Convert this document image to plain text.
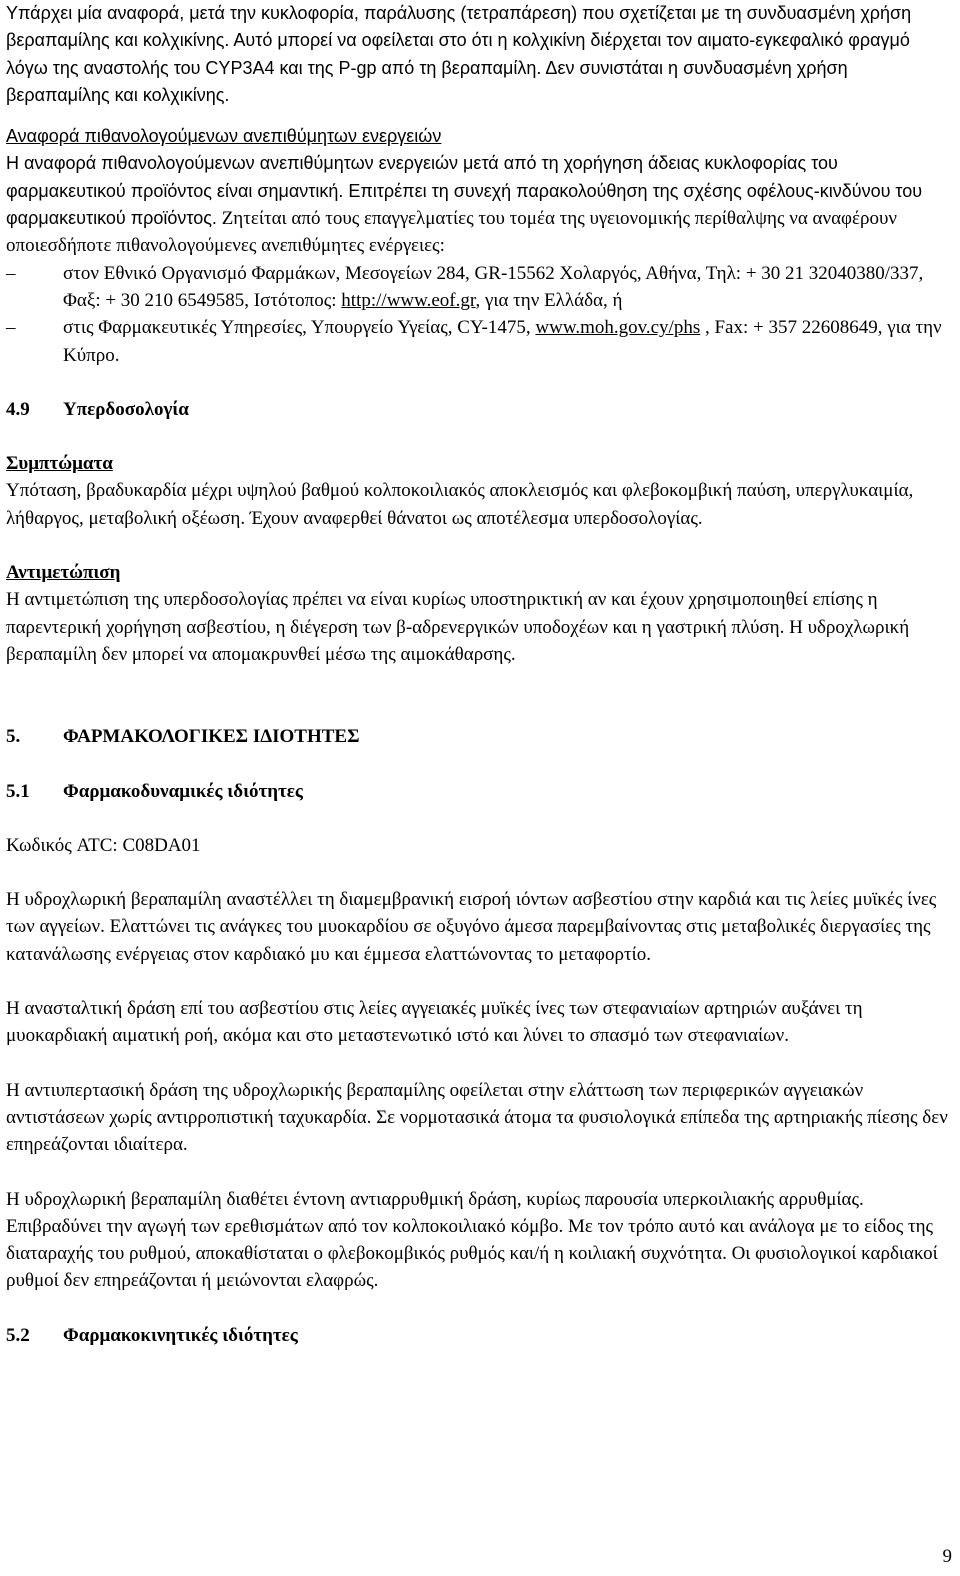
Υπάρχει μία αναφορά, μετά την κυκλοφορία, παράλυσης (τετραπάρεση) που σχετίζεται με τη συνδυασμένη χρήση βεραπαμίλης και κολχικίνης. Αυτό μπορεί να οφείλεται στο ότι η κολχικίνη διέρχεται τον αιματο-εγκεφαλικό φραγμό λόγω της αναστολής του CYP3A4 και της P-gp από τη βεραπαμίλη. Δεν συνιστάται η συνδυασμένη χρήση βεραπαμίλης και κολχικίνης.

Αναφορά πιθανολογούμενων ανεπιθύμητων ενεργειών

Η αναφορά πιθανολογούμενων ανεπιθύμητων ενεργειών μετά από τη χορήγηση άδειας κυκλοφορίας του φαρμακευτικού προϊόντος είναι σημαντική. Επιτρέπει τη συνεχή παρακολούθηση της σχέσης οφέλους-κινδύνου του φαρμακευτικού προϊόντος. Ζητείται από τους επαγγελματίες του τομέα της υγειονομικής περίθαλψης να αναφέρουν οποιεσδήποτε πιθανολογούμενες ανεπιθύμητες ενέργειες:

–	στον Εθνικό Οργανισμό Φαρμάκων, Μεσογείων 284, GR-15562 Χολαργός, Αθήνα, Τηλ: + 30 21 32040380/337, Φαξ: + 30 210 6549585, Ιστότοπος: http://www.eof.gr, για την Ελλάδα, ή
–	στις Φαρμακευτικές Υπηρεσίες, Υπουργείο Υγείας, CY-1475, www.moh.gov.cy/phs , Fax: + 357 22608649, για την Κύπρο.
4.9	Υπερδοσολογία

Συμπτώματα

Υπόταση, βραδυκαρδία μέχρι υψηλού βαθμού κολποκοιλιακός αποκλεισμός και φλεβοκομβική παύση, υπεργλυκαιμία, λήθαργος, μεταβολική οξέωση. Έχουν αναφερθεί θάνατοι ως αποτέλεσμα υπερδοσολογίας.

Αντιμετώπιση

Η αντιμετώπιση της υπερδοσολογίας πρέπει να είναι κυρίως υποστηρικτική αν και έχουν χρησιμοποιηθεί επίσης η παρεντερική χορήγηση ασβεστίου, η διέγερση των β-αδρενεργικών υποδοχέων και η γαστρική πλύση. Η υδροχλωρική βεραπαμίλη δεν μπορεί να απομακρυνθεί μέσω της αιμοκάθαρσης.

5.	ΦΑΡΜΑΚΟΛΟΓΙΚΕΣ ΙΔΙΟΤΗΤΕΣ
5.1	Φαρμακοδυναμικές ιδιότητες

Κωδικός ATC: C08DA01

Η υδροχλωρική βεραπαμίλη αναστέλλει τη διαμεμβρανική εισροή ιόντων ασβεστίου στην καρδιά και τις λείες μυϊκές ίνες των αγγείων. Ελαττώνει τις ανάγκες του μυοκαρδίου σε οξυγόνο άμεσα παρεμβαίνοντας στις μεταβολικές διεργασίες της κατανάλωσης ενέργειας στον καρδιακό μυ και έμμεσα ελαττώνοντας το μεταφορτίο.

Η ανασταλτική δράση επί του ασβεστίου στις λείες αγγειακές μυϊκές ίνες των στεφανιαίων αρτηριών αυξάνει τη μυοκαρδιακή αιματική ροή, ακόμα και στο μεταστενωτικό ιστό και λύνει το σπασμό των στεφανιαίων.

Η αντιυπερτασική δράση της υδροχλωρικής βεραπαμίλης οφείλεται στην ελάττωση των περιφερικών αγγειακών αντιστάσεων χωρίς αντιρροπιστική ταχυκαρδία. Σε νορμοτασικά άτομα τα φυσιολογικά επίπεδα της αρτηριακής πίεσης δεν επηρεάζονται ιδιαίτερα.

Η υδροχλωρική βεραπαμίλη διαθέτει έντονη αντιαρρυθμική δράση, κυρίως παρουσία υπερκοιλιακής αρρυθμίας. Επιβραδύνει την αγωγή των ερεθισμάτων από τον κολποκοιλιακό κόμβο. Με τον τρόπο αυτό και ανάλογα με το είδος της διαταραχής του ρυθμού, αποκαθίσταται ο φλεβοκομβικός ρυθμός και/ή η κοιλιακή συχνότητα. Οι φυσιολογικοί καρδιακοί ρυθμοί δεν επηρεάζονται ή μειώνονται ελαφρώς.

5.2	Φαρμακοκινητικές ιδιότητες
9
